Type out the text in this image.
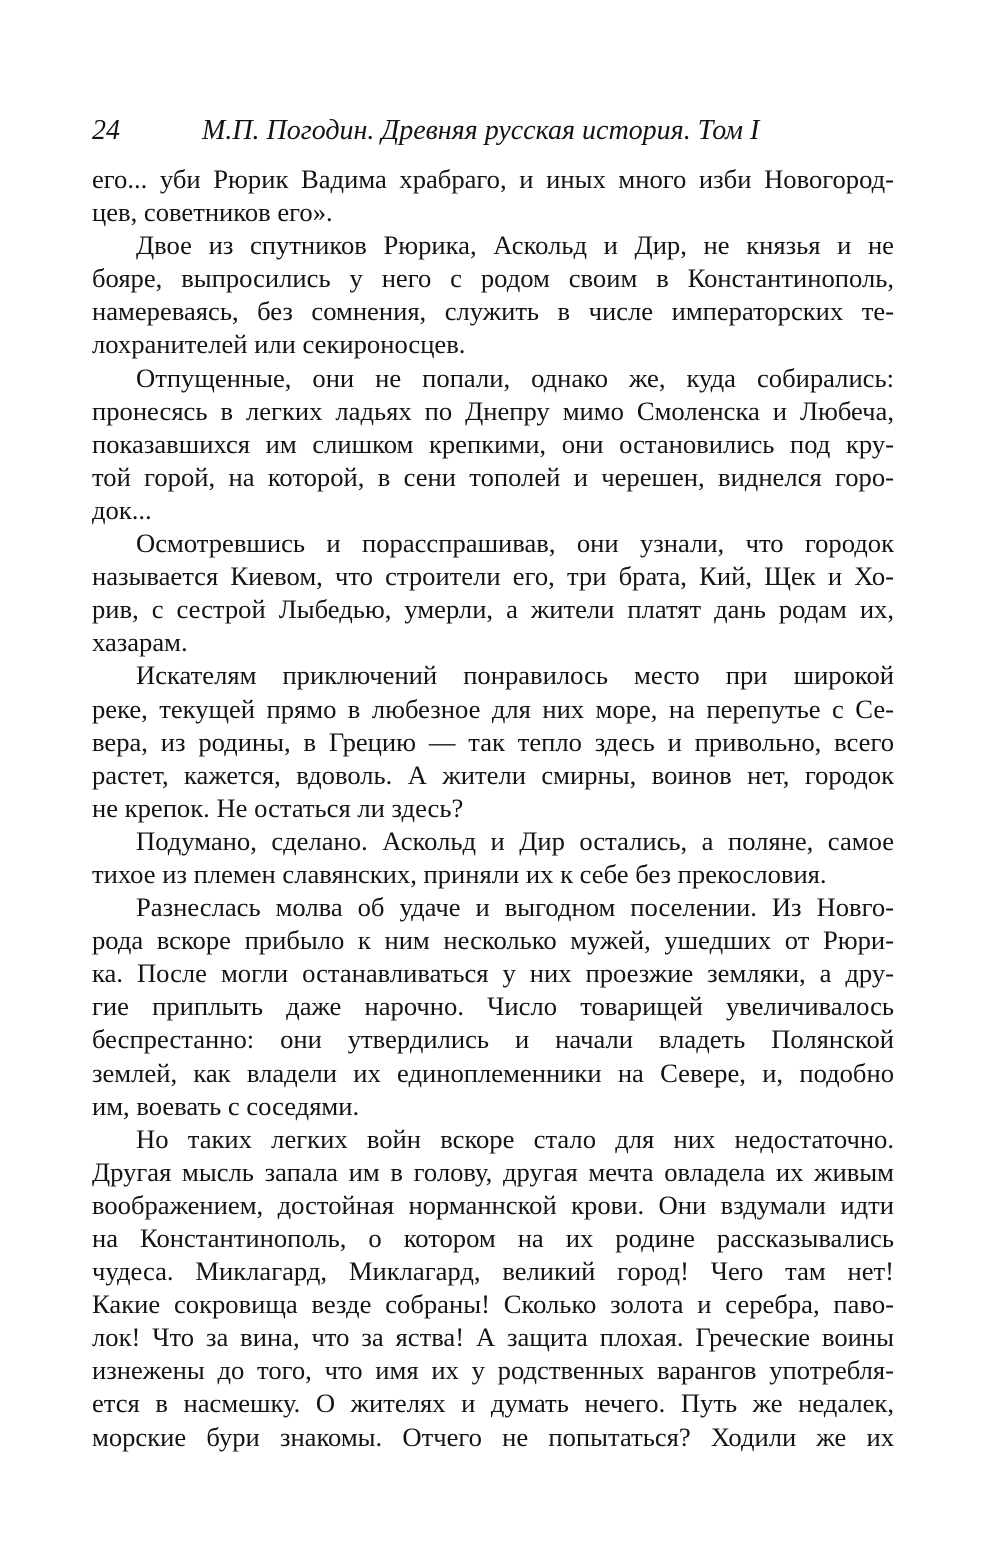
24	М.П. Погодин. Древняя русская история. Том I
его... уби Рюрик Вадима храбраго, и иных много изби Новогород-
цев, советников его».
Двое из спутников Рюрика, Аскольд и Дир, не князья и не
бояре, выпросились у него с родом своим в Константинополь,
намереваясь, без сомнения, служить в числе императорских те-
лохранителей или секироносцев.
Отпущенные, они не попали, однако же, куда собирались:
пронесясь в легких ладьях по Днепру мимо Смоленска и Любеча,
показавшихся им слишком крепкими, они остановились под кру-
той горой, на которой, в сени тополей и черешен, виднелся горо-
док...
Осмотревшись и порасспрашивав, они узнали, что городок
называется Киевом, что строители его, три брата, Кий, Щек и Хо-
рив, с сестрой Лыбедью, умерли, а жители платят дань родам их,
хазарам.
Искателям приключений понравилось место при широкой
реке, текущей прямо в любезное для них море, на перепутье с Се-
вера, из родины, в Грецию — так тепло здесь и привольно, всего
растет, кажется, вдоволь. А жители смирны, воинов нет, городок
не крепок. Не остаться ли здесь?
Подумано, сделано. Аскольд и Дир остались, а поляне, самое
тихое из племен славянских, приняли их к себе без прекословия.
Разнеслась молва об удаче и выгодном поселении. Из Новго-
рода вскоре прибыло к ним несколько мужей, ушедших от Рюри-
ка. После могли останавливаться у них проезжие земляки, а дру-
гие приплыть даже нарочно. Число товарищей увеличивалось
беспрестанно: они утвердились и начали владеть Полянской
землей, как владели их единоплеменники на Севере, и, подобно
им, воевать с соседями.
Но таких легких войн вскоре стало для них недостаточно.
Другая мысль запала им в голову, другая мечта овладела их живым
воображением, достойная норманнской крови. Они вздумали идти
на Константинополь, о котором на их родине рассказывались
чудеса. Миклагард, Миклагард, великий город! Чего там нет!
Какие сокровища везде собраны! Сколько золота и серебра, паво-
лок! Что за вина, что за яства! А защита плохая. Греческие воины
изнежены до того, что имя их у родственных варангов употребля-
ется в насмешку. О жителях и думать нечего. Путь же недалек,
морские бури знакомы. Отчего не попытаться? Ходили же их
